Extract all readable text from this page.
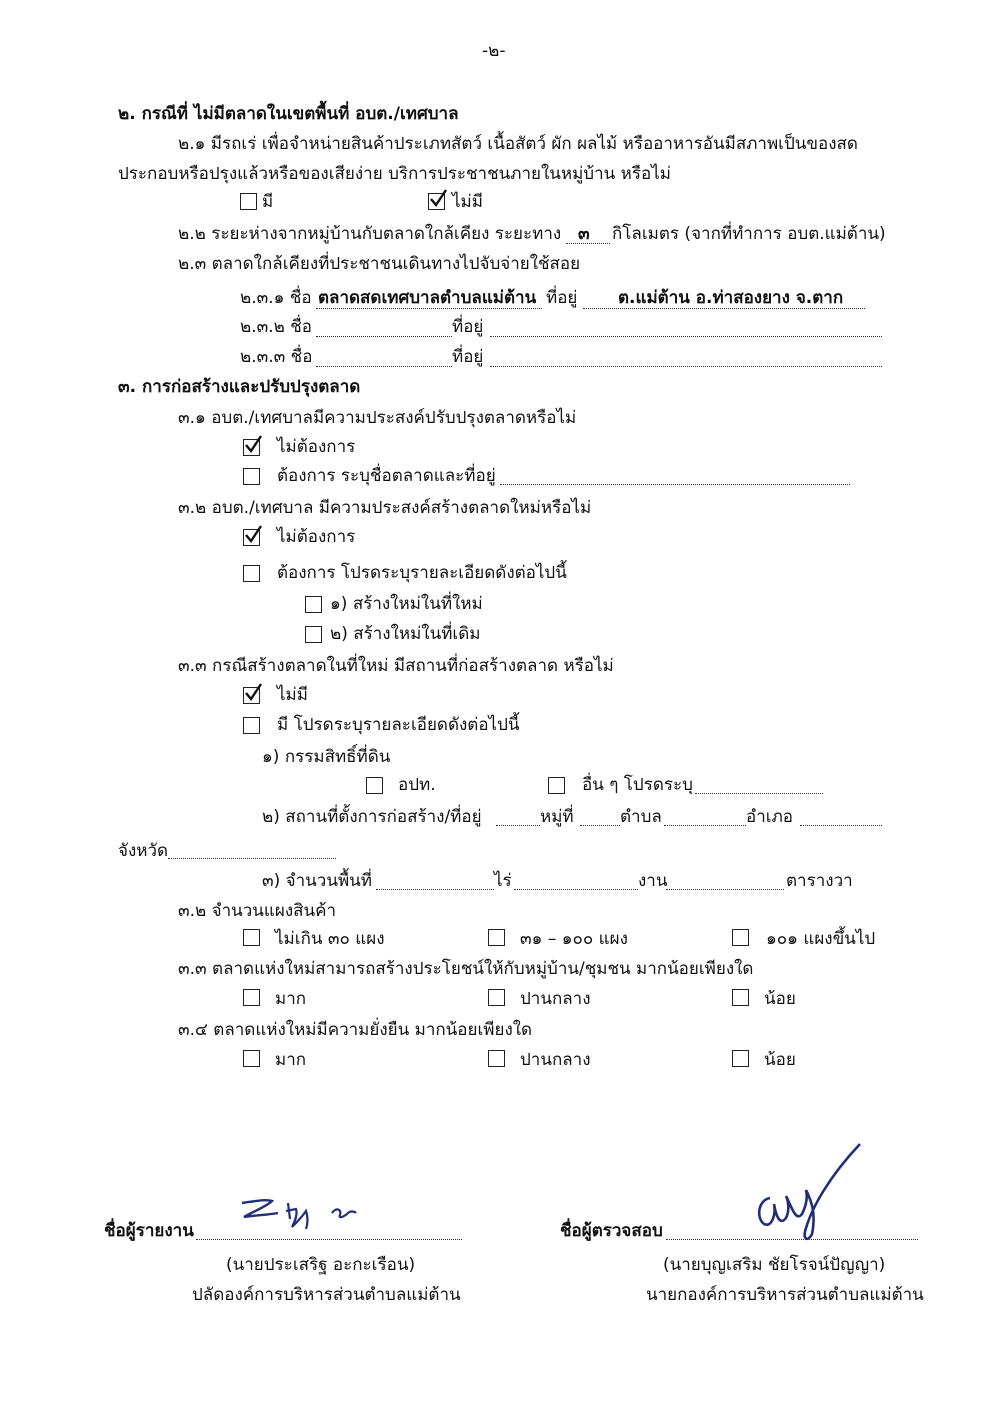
-๒-
๒. กรณีที่ ไม่มีตลาดในเขตพื้นที่ อบต./เทศบาล
๒.๑ มีรถเร่ เพื่อจำหน่ายสินค้าประเภทสัตว์ เนื้อสัตว์ ผัก ผลไม้ หรืออาหารอันมีสภาพเป็นของสด
ประกอบหรือปรุงแล้วหรือของเสียง่าย บริการประชาชนภายในหมู่บ้าน หรือไม่
มี	ไม่มี
๒.๒ ระยะห่างจากหมู่บ้านกับตลาดใกล้เคียง ระยะทาง ๓ กิโลเมตร (จากที่ทำการ อบต.แม่ต้าน)
๒.๓ ตลาดใกล้เคียงที่ประชาชนเดินทางไปจับจ่ายใช้สอย
๒.๓.๑ ชื่อ ตลาดสดเทศบาลตำบลแม่ต้าน ที่อยู่ ต.แม่ต้าน อ.ท่าสองยาง จ.ตาก
๒.๓.๒ ชื่อ	ที่อยู่
๒.๓.๓ ชื่อ	ที่อยู่
๓. การก่อสร้างและปรับปรุงตลาด
๓.๑ อบต./เทศบาลมีความประสงค์ปรับปรุงตลาดหรือไม่
ไม่ต้องการ
ต้องการ ระบุชื่อตลาดและที่อยู่
๓.๒ อบต./เทศบาล มีความประสงค์สร้างตลาดใหม่หรือไม่
ไม่ต้องการ
ต้องการ โปรดระบุรายละเอียดดังต่อไปนี้
๑) สร้างใหม่ในที่ใหม่
๒) สร้างใหม่ในที่เดิม
๓.๓ กรณีสร้างตลาดในที่ใหม่ มีสถานที่ก่อสร้างตลาด หรือไม่
ไม่มี
มี โปรดระบุรายละเอียดดังต่อไปนี้
๑) กรรมสิทธิ์ที่ดิน
อปท.	อื่น ๆ โปรดระบุ
๒) สถานที่ตั้งการก่อสร้าง/ที่อยู่	หมู่ที่	ตำบล	อำเภอ
จังหวัด
๓) จำนวนพื้นที่	ไร่	งาน	ตารางวา
๓.๒ จำนวนแผงสินค้า
ไม่เกิน ๓๐ แผง	๓๑ – ๑๐๐ แผง	๑๐๑ แผงขึ้นไป
๓.๓ ตลาดแห่งใหม่สามารถสร้างประโยชน์ให้กับหมู่บ้าน/ชุมชน มากน้อยเพียงใด
มาก	ปานกลาง	น้อย
๓.๔ ตลาดแห่งใหม่มีความยั่งยืน มากน้อยเพียงใด
มาก	ปานกลาง	น้อย
ชื่อผู้รายงาน
(นายประเสริฐ อะกะเรือน)
ปลัดองค์การบริหารส่วนตำบลแม่ต้าน
ชื่อผู้ตรวจสอบ
(นายบุญเสริม ชัยโรจน์ปัญญา)
นายกองค์การบริหารส่วนตำบลแม่ต้าน
